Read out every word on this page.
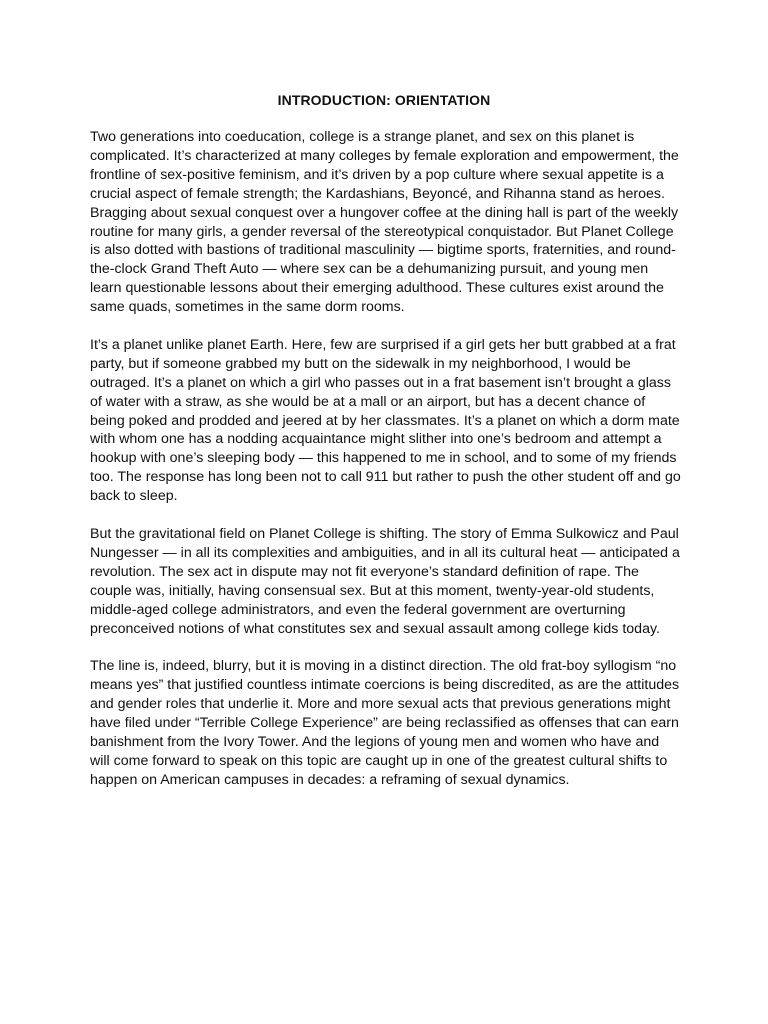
INTRODUCTION: ORIENTATION

Two generations into coeducation, college is a strange planet, and sex on this planet is complicated. It’s characterized at many colleges by female exploration and empowerment, the frontline of sex-positive feminism, and it’s driven by a pop culture where sexual appetite is a crucial aspect of female strength; the Kardashians, Beyoncé, and Rihanna stand as heroes. Bragging about sexual conquest over a hungover coffee at the dining hall is part of the weekly routine for many girls, a gender reversal of the stereotypical conquistador. But Planet College is also dotted with bastions of traditional masculinity — bigtime sports, fraternities, and round-the-clock Grand Theft Auto — where sex can be a dehumanizing pursuit, and young men learn questionable lessons about their emerging adulthood. These cultures exist around the same quads, sometimes in the same dorm rooms.

It’s a planet unlike planet Earth. Here, few are surprised if a girl gets her butt grabbed at a frat party, but if someone grabbed my butt on the sidewalk in my neighborhood, I would be outraged. It’s a planet on which a girl who passes out in a frat basement isn’t brought a glass of water with a straw, as she would be at a mall or an airport, but has a decent chance of being poked and prodded and jeered at by her classmates. It’s a planet on which a dorm mate with whom one has a nodding acquaintance might slither into one’s bedroom and attempt a hookup with one’s sleeping body — this happened to me in school, and to some of my friends too. The response has long been not to call 911 but rather to push the other student off and go back to sleep.

But the gravitational field on Planet College is shifting. The story of Emma Sulkowicz and Paul Nungesser — in all its complexities and ambiguities, and in all its cultural heat — anticipated a revolution. The sex act in dispute may not fit everyone’s standard definition of rape. The couple was, initially, having consensual sex. But at this moment, twenty-year-old students, middle-aged college administrators, and even the federal government are overturning preconceived notions of what constitutes sex and sexual assault among college kids today.

The line is, indeed, blurry, but it is moving in a distinct direction. The old frat-boy syllogism “no means yes” that justified countless intimate coercions is being discredited, as are the attitudes and gender roles that underlie it. More and more sexual acts that previous generations might have filed under “Terrible College Experience” are being reclassified as offenses that can earn banishment from the Ivory Tower. And the legions of young men and women who have and will come forward to speak on this topic are caught up in one of the greatest cultural shifts to happen on American campuses in decades: a reframing of sexual dynamics.
